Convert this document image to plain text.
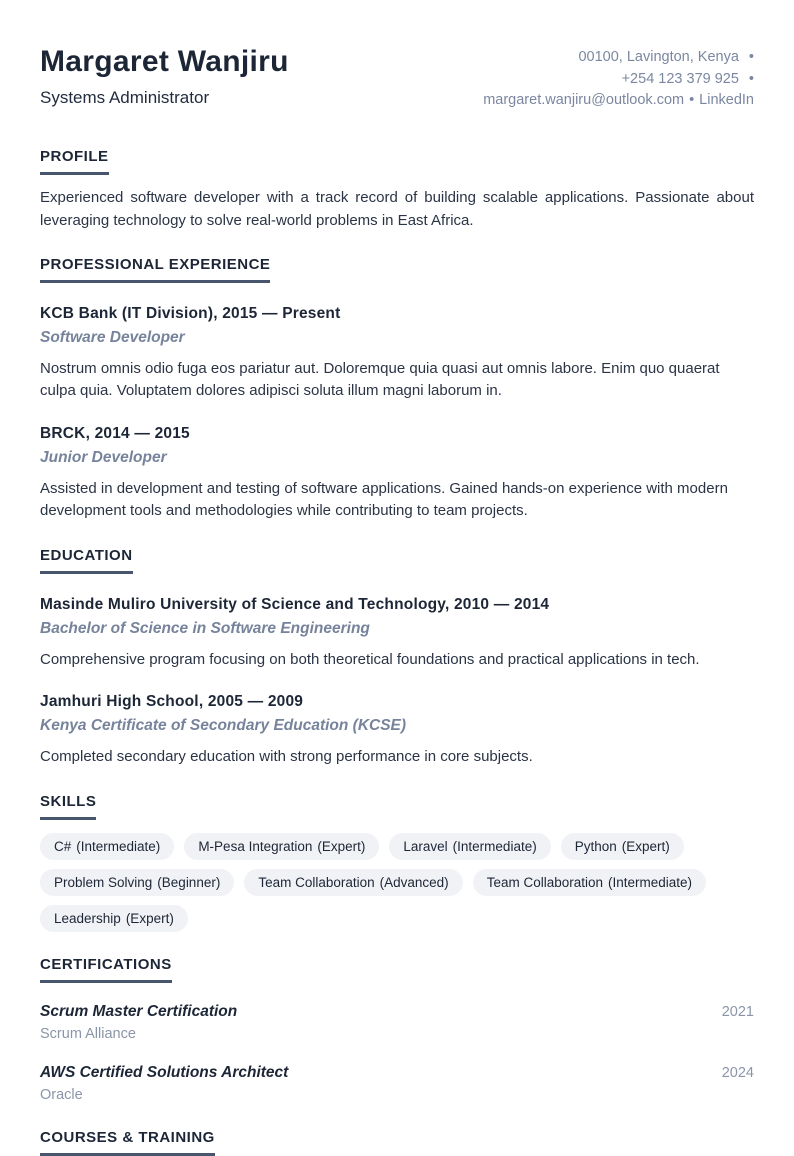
Margaret Wanjiru
Systems Administrator
00100, Lavington, Kenya •
+254 123 379 925 •
margaret.wanjiru@outlook.com • LinkedIn
PROFILE

Experienced software developer with a track record of building scalable applications. Passionate about leveraging technology to solve real-world problems in East Africa.

PROFESSIONAL EXPERIENCE
KCB Bank (IT Division), 2015 — Present
Software Developer

Nostrum omnis odio fuga eos pariatur aut. Doloremque quia quasi aut omnis labore. Enim quo quaerat culpa quia. Voluptatem dolores adipisci soluta illum magni laborum in.

BRCK, 2014 — 2015
Junior Developer

Assisted in development and testing of software applications. Gained hands-on experience with modern development tools and methodologies while contributing to team projects.

EDUCATION
Masinde Muliro University of Science and Technology, 2010 — 2014
Bachelor of Science in Software Engineering

Comprehensive program focusing on both theoretical foundations and practical applications in tech.

Jamhuri High School, 2005 — 2009
Kenya Certificate of Secondary Education (KCSE)

Completed secondary education with strong performance in core subjects.

SKILLS
C# (Intermediate)	M-Pesa Integration (Expert)	Laravel (Intermediate)	Python (Expert)
Problem Solving (Beginner)	Team Collaboration (Advanced)	Team Collaboration (Intermediate)
Leadership (Expert)
CERTIFICATIONS
Scrum Master Certification	2021
Scrum Alliance
AWS Certified Solutions Architect	2024
Oracle
COURSES & TRAINING
